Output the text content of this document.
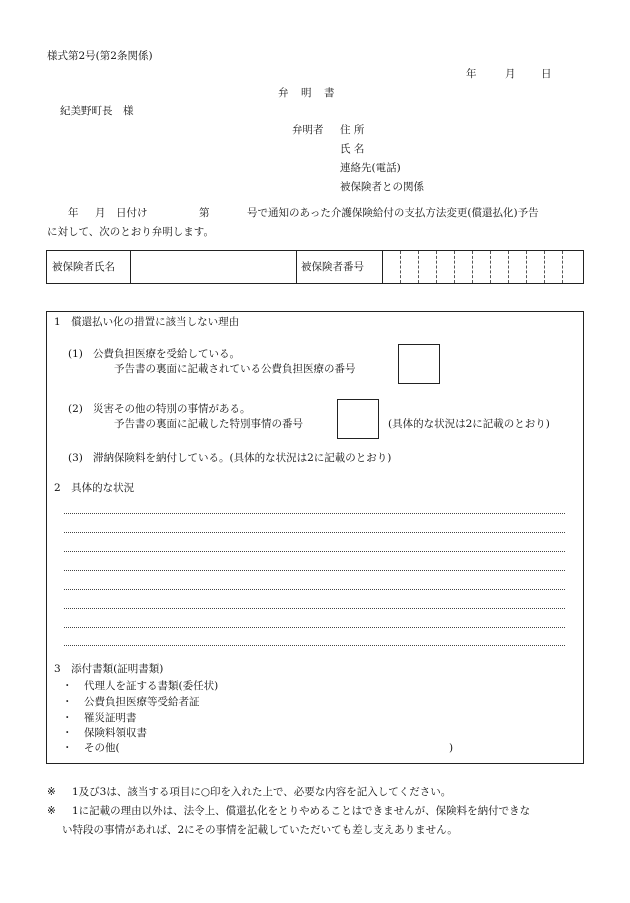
様式第2号(第2条関係)
年	月 日
弁　明　書
紀美野町長　様
弁明者 住 所
氏 名
連絡先(電話)
被保険者との関係
年 月 日付け	第	号で通知のあった介護保険給付の支払方法変更(償還払化)予告
に対して、次のとおり弁明します。
被保険者氏名	被保険者番号
1　償還払い化の措置に該当しない理由
(1) 公費負担医療を受給している。
予告書の裏面に記載されている公費負担医療の番号
(2) 災害その他の特別の事情がある。
予告書の裏面に記載した特別事情の番号	(具体的な状況は2に記載のとおり)
(3) 滞納保険料を納付している。(具体的な状況は2に記載のとおり)
2　具体的な状況
3　添付書類(証明書類)
・ 代理人を証する書類(委任状)
・ 公費負担医療等受給者証
・ 罹災証明書
・ 保険料領収書
・ その他(	)
※ 1及び3は、該当する項目に○印を入れた上で、必要な内容を記入してください。
※ 1に記載の理由以外は、法令上、償還払化をとりやめることはできませんが、保険料を納付できな
い特段の事情があれば、2にその事情を記載していただいても差し支えありません。
